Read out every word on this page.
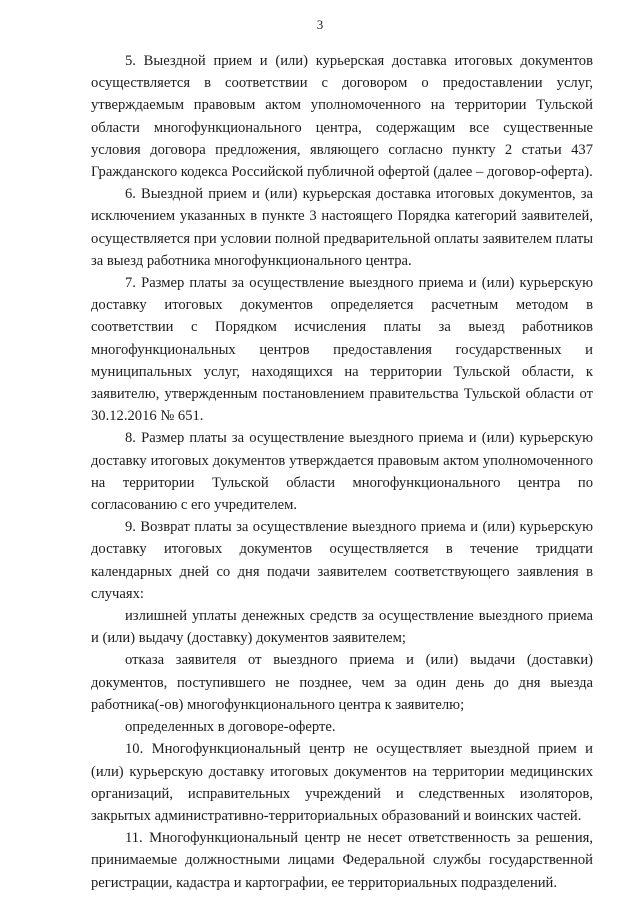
3

5. Выездной прием и (или) курьерская доставка итоговых документов осуществляется в соответствии с договором о предоставлении услуг, утверждаемым правовым актом уполномоченного на территории Тульской области многофункционального центра, содержащим все существенные условия договора предложения, являющего согласно пункту 2 статьи 437 Гражданского кодекса Российской публичной офертой (далее – договор-оферта).

6. Выездной прием и (или) курьерская доставка итоговых документов, за исключением указанных в пункте 3 настоящего Порядка категорий заявителей, осуществляется при условии полной предварительной оплаты заявителем платы за выезд работника многофункционального центра.

7. Размер платы за осуществление выездного приема и (или) курьерскую доставку итоговых документов определяется расчетным методом в соответствии с Порядком исчисления платы за выезд работников многофункциональных центров предоставления государственных и муниципальных услуг, находящихся на территории Тульской области, к заявителю, утвержденным постановлением правительства Тульской области от 30.12.2016 № 651.

8. Размер платы за осуществление выездного приема и (или) курьерскую доставку итоговых документов утверждается правовым актом уполномоченного на территории Тульской области многофункционального центра по согласованию с его учредителем.

9. Возврат платы за осуществление выездного приема и (или) курьерскую доставку итоговых документов осуществляется в течение тридцати календарных дней со дня подачи заявителем соответствующего заявления в случаях:

излишней уплаты денежных средств за осуществление выездного приема и (или) выдачу (доставку) документов заявителем;

отказа заявителя от выездного приема и (или) выдачи (доставки) документов, поступившего не позднее, чем за один день до дня выезда работника(-ов) многофункционального центра к заявителю;

определенных в договоре-оферте.

10. Многофункциональный центр не осуществляет выездной прием и (или) курьерскую доставку итоговых документов на территории медицинских организаций, исправительных учреждений и следственных изоляторов, закрытых административно-территориальных образований и воинских частей.

11. Многофункциональный центр не несет ответственность за решения, принимаемые должностными лицами Федеральной службы государственной регистрации, кадастра и картографии, ее территориальных подразделений.
